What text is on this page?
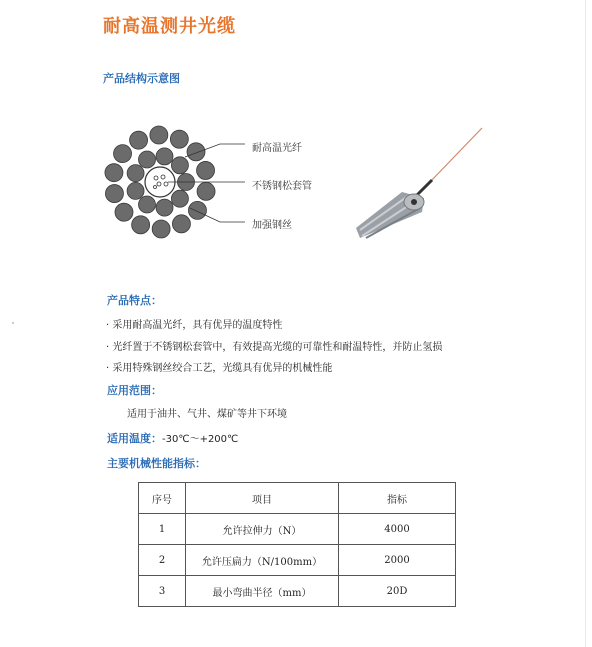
耐高温测井光缆
产品结构示意图
耐高温光纤
不锈钢松套管
加强钢丝
产品特点：
· 采用耐高温光纤，具有优异的温度特性
· 光纤置于不锈钢松套管中，有效提高光缆的可靠性和耐温特性，并防止氢损
· 采用特殊钢丝绞合工艺，光缆具有优异的机械性能
应用范围：
适用于油井、气井、煤矿等井下环境
适用温度：-30℃～+200℃
主要机械性能指标：
序号	项目	指标
1	允许拉伸力（N）	4000
2	允许压扁力（N/100mm）	2000
3	最小弯曲半径（mm）	20D
